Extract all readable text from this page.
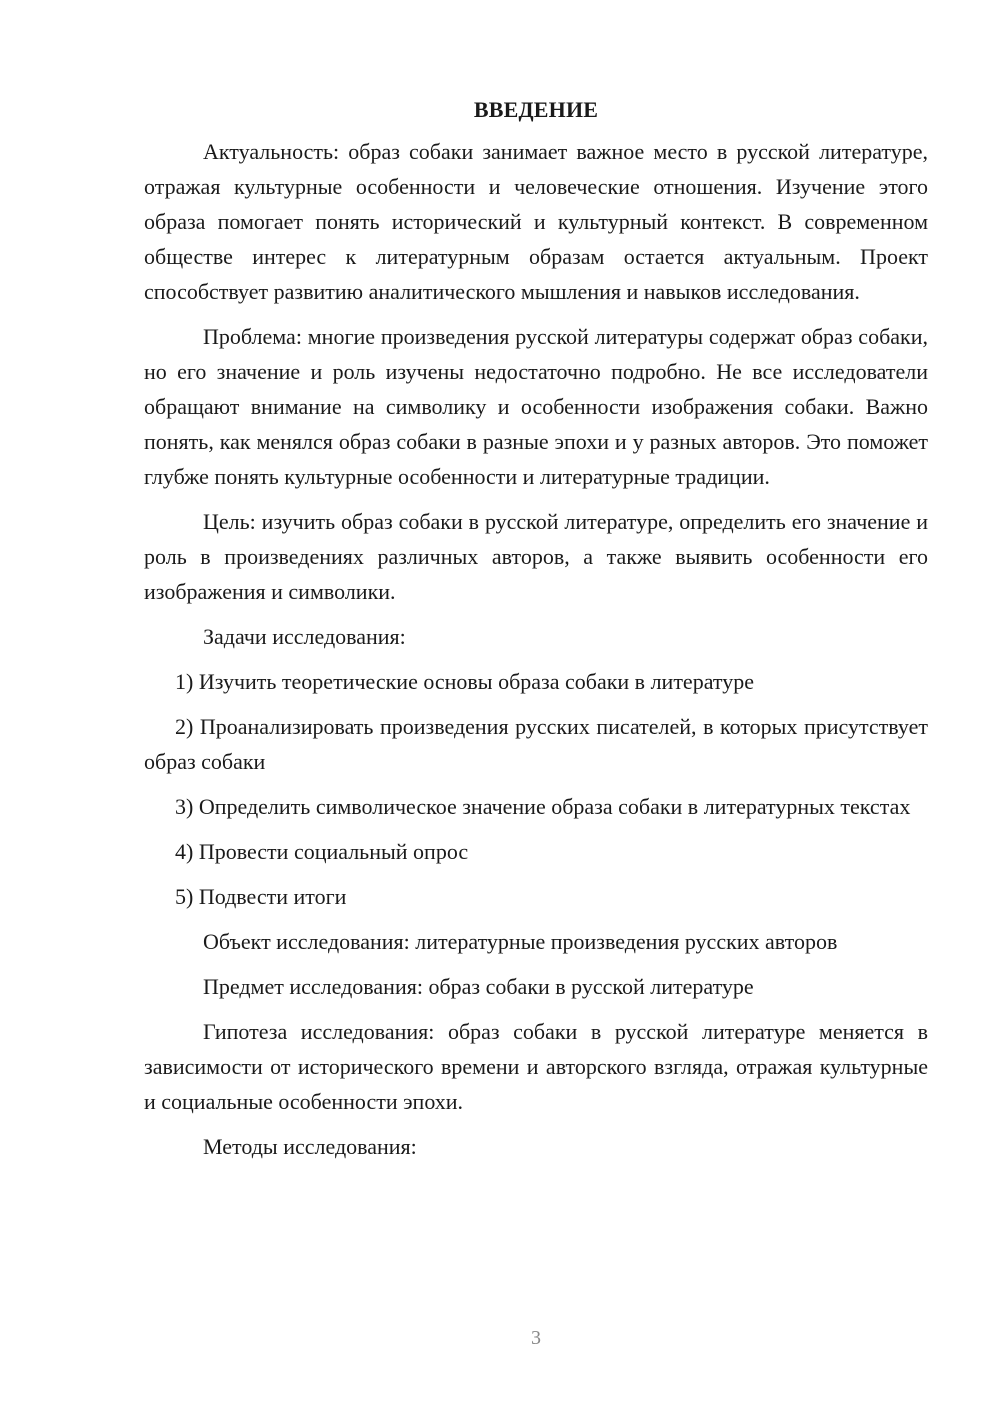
ВВЕДЕНИЕ

Актуальность: образ собаки занимает важное место в русской литературе, отражая культурные особенности и человеческие отношения. Изучение этого образа помогает понять исторический и культурный контекст. В современном обществе интерес к литературным образам остается актуальным. Проект способствует развитию аналитического мышления и навыков исследования.

Проблема: многие произведения русской литературы содержат образ собаки, но его значение и роль изучены недостаточно подробно. Не все исследователи обращают внимание на символику и особенности изображения собаки. Важно понять, как менялся образ собаки в разные эпохи и у разных авторов. Это поможет глубже понять культурные особенности и литературные традиции.

Цель: изучить образ собаки в русской литературе, определить его значение и роль в произведениях различных авторов, а также выявить особенности его изображения и символики.

Задачи исследования:

1) Изучить теоретические основы образа собаки в литературе

2) Проанализировать произведения русских писателей, в которых присутствует образ собаки

3) Определить символическое значение образа собаки в литературных текстах

4) Провести социальный опрос

5) Подвести итоги

Объект исследования: литературные произведения русских авторов

Предмет исследования: образ собаки в русской литературе

Гипотеза исследования: образ собаки в русской литературе меняется в зависимости от исторического времени и авторского взгляда, отражая культурные и социальные особенности эпохи.

Методы исследования:

3
